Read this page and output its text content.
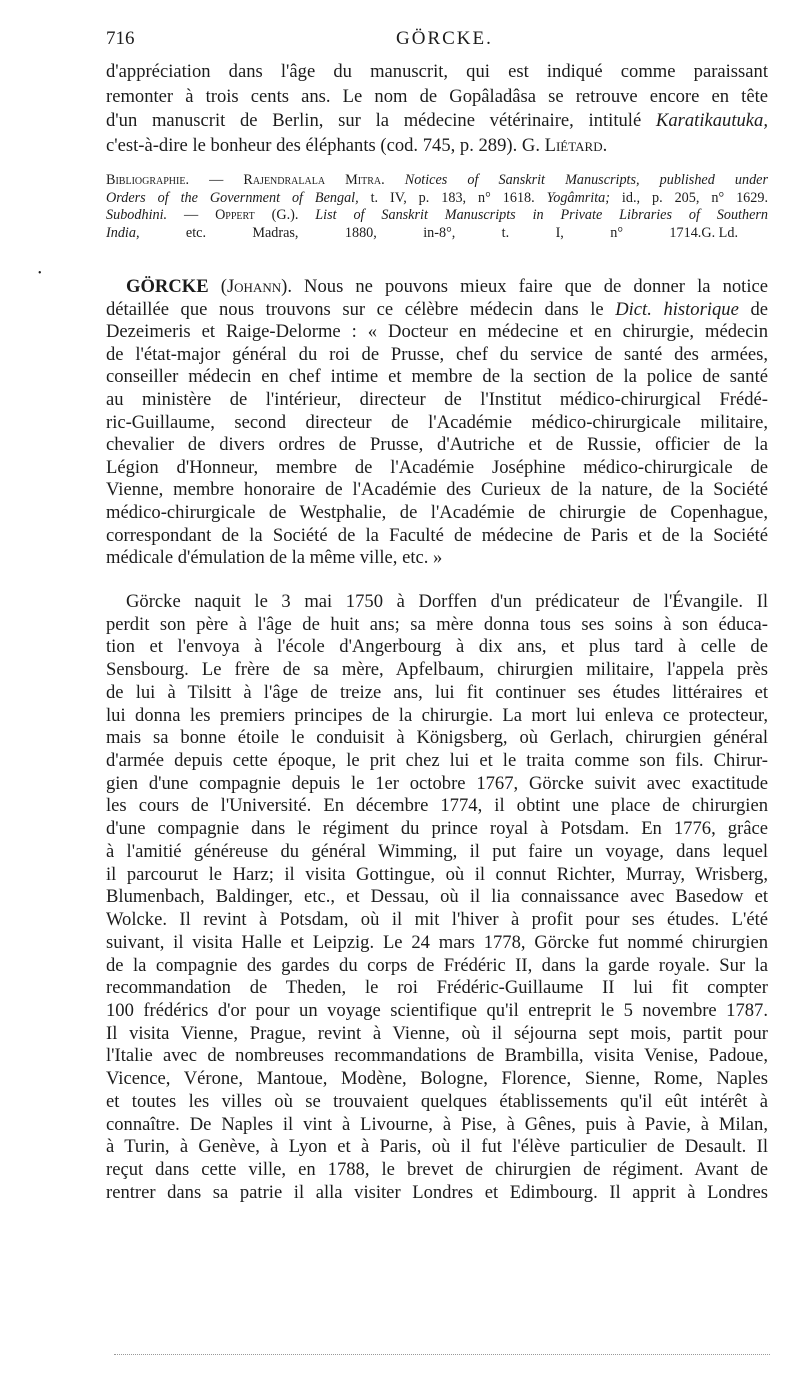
716	GÖRCKE.
d'appréciation dans l'âge du manuscrit, qui est indiqué comme paraissant
remonter à trois cents ans. Le nom de Gopâladâsa se retrouve encore en tête
d'un manuscrit de Berlin, sur la médecine vétérinaire, intitulé Karatikautuka,
c'est-à-dire le bonheur des éléphants (cod. 745, p. 289). G. Liétard.
Bibliographie. — Rajendralala Mitra. Notices of Sanskrit Manuscripts, published under
Orders of the Government of Bengal, t. IV, p. 183, n° 1618. Yogâmrita; id., p. 205, n° 1629.
Subodhini. — Oppert (G.). List of Sanskrit Manuscripts in Private Libraries of Southern
India, etc. Madras, 1880, in-8°, t. I, n° 1714. G. Ld.
•
GÖRCKE (Johann). Nous ne pouvons mieux faire que de donner la notice
détaillée que nous trouvons sur ce célèbre médecin dans le Dict. historique de
Dezeimeris et Raige-Delorme : « Docteur en médecine et en chirurgie, médecin
de l'état-major général du roi de Prusse, chef du service de santé des armées,
conseiller médecin en chef intime et membre de la section de la police de santé
au ministère de l'intérieur, directeur de l'Institut médico-chirurgical Frédé-
ric-Guillaume, second directeur de l'Académie médico-chirurgicale militaire,
chevalier de divers ordres de Prusse, d'Autriche et de Russie, officier de la
Légion d'Honneur, membre de l'Académie Joséphine médico-chirurgicale de
Vienne, membre honoraire de l'Académie des Curieux de la nature, de la Société
médico-chirurgicale de Westphalie, de l'Académie de chirurgie de Copenhague,
correspondant de la Société de la Faculté de médecine de Paris et de la Société
médicale d'émulation de la même ville, etc. »
Görcke naquit le 3 mai 1750 à Dorffen d'un prédicateur de l'Évangile. Il
perdit son père à l'âge de huit ans; sa mère donna tous ses soins à son éduca-
tion et l'envoya à l'école d'Angerbourg à dix ans, et plus tard à celle de
Sensbourg. Le frère de sa mère, Apfelbaum, chirurgien militaire, l'appela près
de lui à Tilsitt à l'âge de treize ans, lui fit continuer ses études littéraires et
lui donna les premiers principes de la chirurgie. La mort lui enleva ce protecteur,
mais sa bonne étoile le conduisit à Königsberg, où Gerlach, chirurgien général
d'armée depuis cette époque, le prit chez lui et le traita comme son fils. Chirur-
gien d'une compagnie depuis le 1er octobre 1767, Görcke suivit avec exactitude
les cours de l'Université. En décembre 1774, il obtint une place de chirurgien
d'une compagnie dans le régiment du prince royal à Potsdam. En 1776, grâce
à l'amitié généreuse du général Wimming, il put faire un voyage, dans lequel
il parcourut le Harz; il visita Gottingue, où il connut Richter, Murray, Wrisberg,
Blumenbach, Baldinger, etc., et Dessau, où il lia connaissance avec Basedow et
Wolcke. Il revint à Potsdam, où il mit l'hiver à profit pour ses études. L'été
suivant, il visita Halle et Leipzig. Le 24 mars 1778, Görcke fut nommé chirurgien
de la compagnie des gardes du corps de Frédéric II, dans la garde royale. Sur la
recommandation de Theden, le roi Frédéric-Guillaume II lui fit compter
100 frédérics d'or pour un voyage scientifique qu'il entreprit le 5 novembre 1787.
Il visita Vienne, Prague, revint à Vienne, où il séjourna sept mois, partit pour
l'Italie avec de nombreuses recommandations de Brambilla, visita Venise, Padoue,
Vicence, Vérone, Mantoue, Modène, Bologne, Florence, Sienne, Rome, Naples
et toutes les villes où se trouvaient quelques établissements qu'il eût intérêt à
connaître. De Naples il vint à Livourne, à Pise, à Gênes, puis à Pavie, à Milan,
à Turin, à Genève, à Lyon et à Paris, où il fut l'élève particulier de Desault. Il
reçut dans cette ville, en 1788, le brevet de chirurgien de régiment. Avant de
rentrer dans sa patrie il alla visiter Londres et Edimbourg. Il apprit à Londres
